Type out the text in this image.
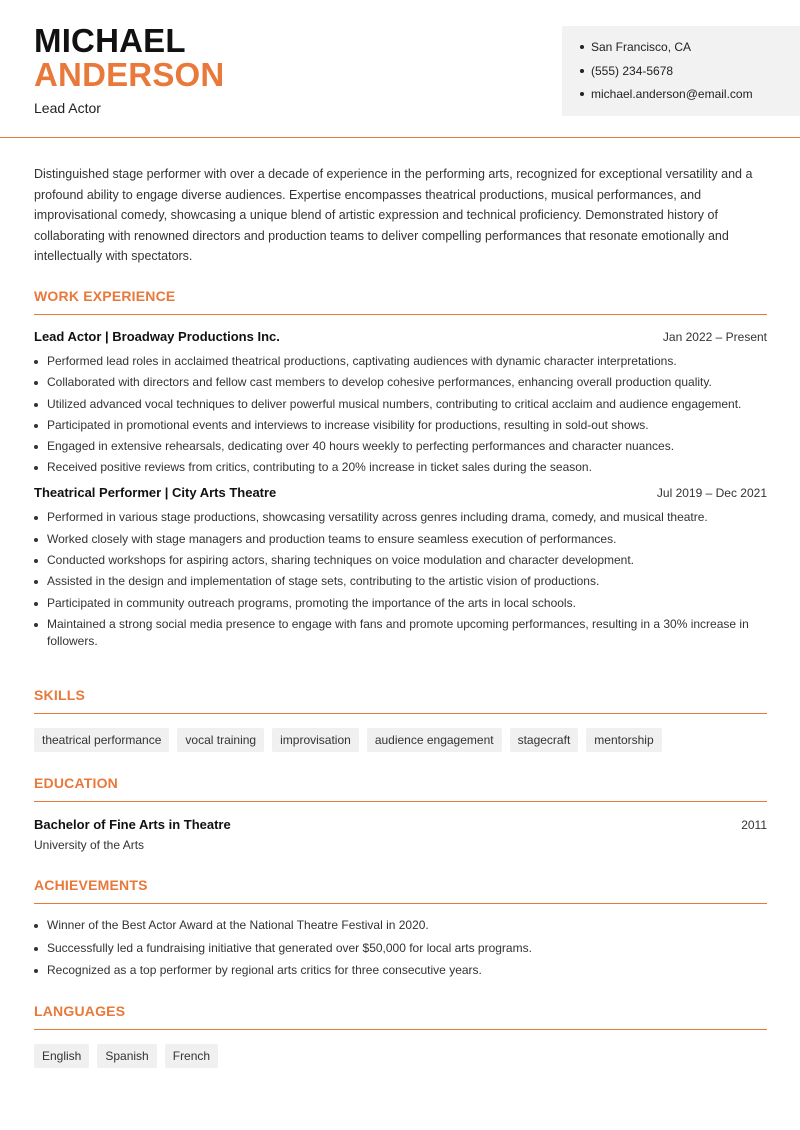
MICHAEL
ANDERSON
Lead Actor
San Francisco, CA
(555) 234-5678
michael.anderson@email.com
Distinguished stage performer with over a decade of experience in the performing arts, recognized for exceptional versatility and a profound ability to engage diverse audiences. Expertise encompasses theatrical productions, musical performances, and improvisational comedy, showcasing a unique blend of artistic expression and technical proficiency. Demonstrated history of collaborating with renowned directors and production teams to deliver compelling performances that resonate emotionally and intellectually with spectators.
WORK EXPERIENCE
Lead Actor | Broadway Productions Inc.	Jan 2022 – Present
Performed lead roles in acclaimed theatrical productions, captivating audiences with dynamic character interpretations.
Collaborated with directors and fellow cast members to develop cohesive performances, enhancing overall production quality.
Utilized advanced vocal techniques to deliver powerful musical numbers, contributing to critical acclaim and audience engagement.
Participated in promotional events and interviews to increase visibility for productions, resulting in sold-out shows.
Engaged in extensive rehearsals, dedicating over 40 hours weekly to perfecting performances and character nuances.
Received positive reviews from critics, contributing to a 20% increase in ticket sales during the season.
Theatrical Performer | City Arts Theatre	Jul 2019 – Dec 2021
Performed in various stage productions, showcasing versatility across genres including drama, comedy, and musical theatre.
Worked closely with stage managers and production teams to ensure seamless execution of performances.
Conducted workshops for aspiring actors, sharing techniques on voice modulation and character development.
Assisted in the design and implementation of stage sets, contributing to the artistic vision of productions.
Participated in community outreach programs, promoting the importance of the arts in local schools.
Maintained a strong social media presence to engage with fans and promote upcoming performances, resulting in a 30% increase in followers.
SKILLS
theatrical performance	vocal training	improvisation	audience engagement	stagecraft	mentorship
EDUCATION
Bachelor of Fine Arts in Theatre	2011
University of the Arts
ACHIEVEMENTS
Winner of the Best Actor Award at the National Theatre Festival in 2020.
Successfully led a fundraising initiative that generated over $50,000 for local arts programs.
Recognized as a top performer by regional arts critics for three consecutive years.
LANGUAGES
English	Spanish	French
